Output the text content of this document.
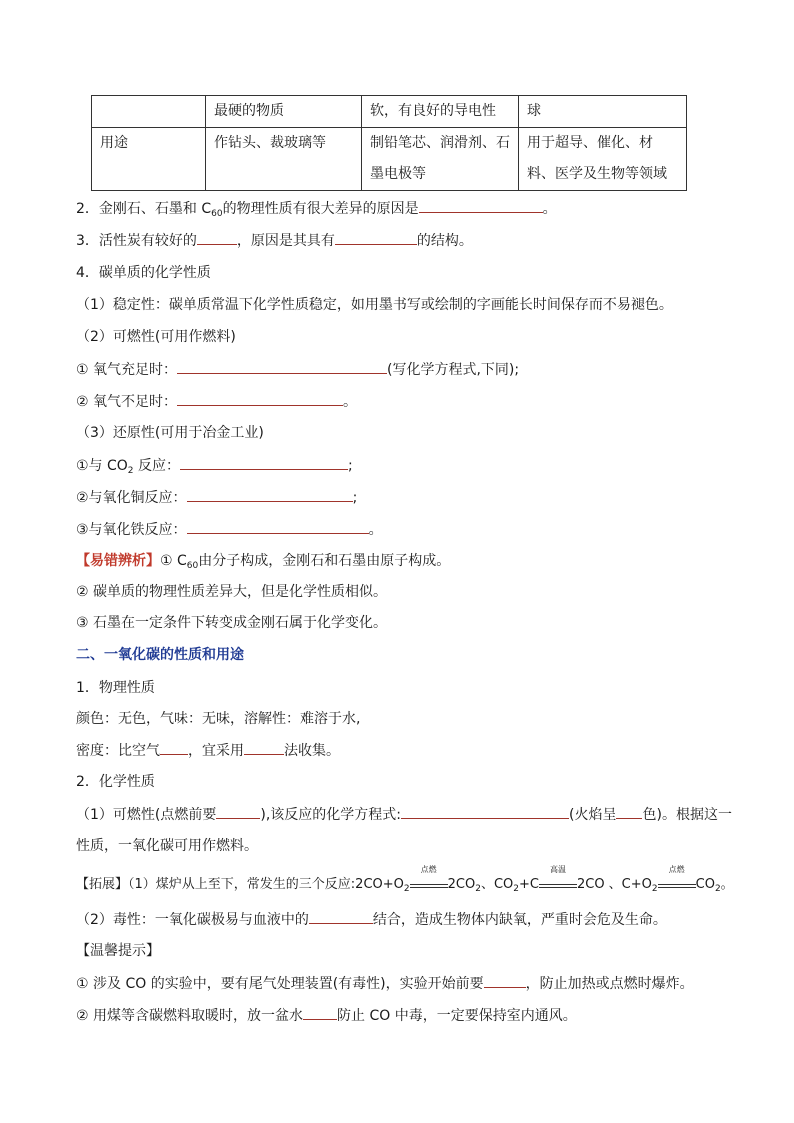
	最硬的物质	软，有良好的导电性	球
用途	作钻头、裁玻璃等	制铅笔芯、润滑剂、石墨电极等	用于超导、催化、材料、医学及生物等领域
2．金刚石、石墨和 $C_{60}$的物理性质有很大差异的原因是	。
3．活性炭有较好的	，原因是其具有	的结构。
4．碳单质的化学性质
（1）稳定性：碳单质常温下化学性质稳定，如用墨书写或绘制的字画能长时间保存而不易褪色。
（2）可燃性(可用作燃料)
① 氧气充足时：	(写化学方程式,下同);
② 氧气不足时：	。
（3）还原性(可用于冶金工业)
①与 $CO_2$ 反应：	;
②与氧化铜反应：	;
③与氧化铁反应：	。
【易错辨析】① $C_{60}$由分子构成，金刚石和石墨由原子构成。
② 碳单质的物理性质差异大，但是化学性质相似。
③ 石墨在一定条件下转变成金刚石属于化学变化。
二、一氧化碳的性质和用途
1．物理性质
颜色：无色，气味：无味，溶解性：难溶于水,
密度：比空气 ，宜采用	法收集。
2．化学性质
（1）可燃性(点燃前要	),该反应的化学方程式:	(火焰呈 色)。根据这一
性质，一氧化碳可用作燃料。
【拓展】（1）煤炉从上至下，常发生的三个反应$:2CO+O_2$
点燃
$2CO_2$、$CO_2+C$
高温
2CO 、$C+O_2$
点燃
$CO_2$。
（2）毒性：一氧化碳极易与血液中的	结合，造成生物体内缺氧，严重时会危及生命。
【温馨提示】
① 涉及 CO 的实验中，要有尾气处理装置(有毒性)，实验开始前要	，防止加热或点燃时爆炸。
② 用煤等含碳燃料取暖时，放一盆水 防止 CO 中毒，一定要保持室内通风。
